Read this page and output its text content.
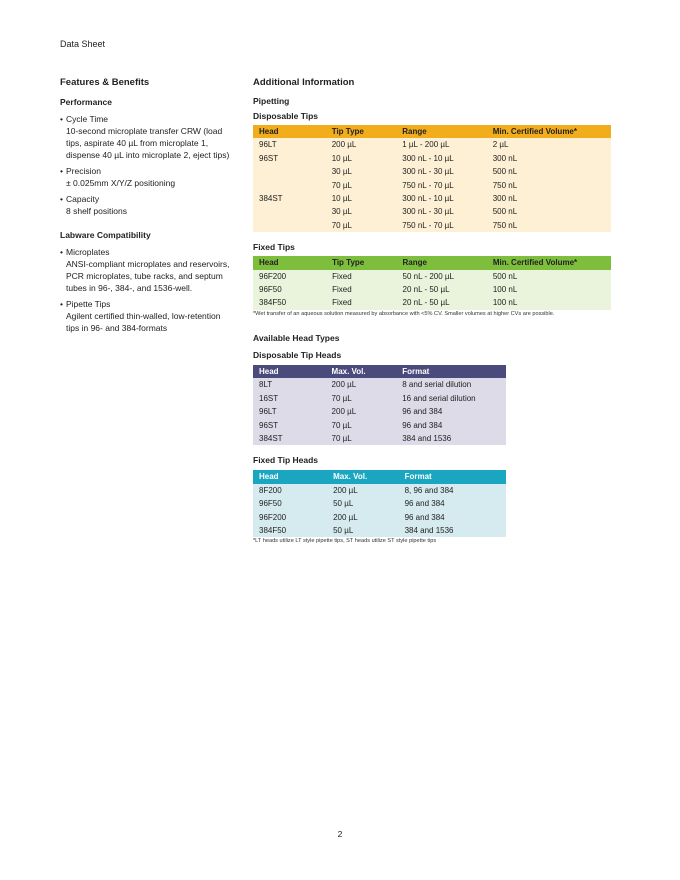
Data Sheet
Features & Benefits
Performance
• Cycle Time
10-second microplate transfer CRW (load
tips, aspirate 40 µL from microplate 1,
dispense 40 µL into microplate 2, eject tips)
• Precision
± 0.025mm X/Y/Z positioning
• Capacity
8 shelf positions
Labware Compatibility
• Microplates
ANSI-compliant microplates and reservoirs,
PCR microplates, tube racks, and septum
tubes in 96-, 384-, and 1536-well.
• Pipette Tips
Agilent certified thin-walled, low-retention
tips in 96- and 384-formats
Additional Information
Pipetting
Disposable Tips
Head	Tip Type	Range	Min. Certified Volume*
96LT	200 µL	1 µL - 200 µL	2 µL
96ST	10 µL	300 nL - 10 µL	300 nL
	30 µL	300 nL - 30 µL	500 nL
	70 µL	750 nL - 70 µL	750 nL
384ST	10 µL	300 nL - 10 µL	300 nL
	30 µL	300 nL - 30 µL	500 nL
	70 µL	750 nL - 70 µL	750 nL
Fixed Tips
Head	Tip Type	Range	Min. Certified Volume*
96F200	Fixed	50 nL - 200 µL	500 nL
96F50	Fixed	20 nL - 50 µL	100 nL
384F50	Fixed	20 nL - 50 µL	100 nL
*Wet transfer of an aqueous solution measured by absorbance with <5% CV. Smaller volumes at higher CVs are possible.
Available Head Types
Disposable Tip Heads
Head	Max. Vol.	Format
8LT	200 µL	8 and serial dilution
16ST	70 µL	16 and serial dilution
96LT	200 µL	96 and 384
96ST	70 µL	96 and 384
384ST	70 µL	384 and 1536
Fixed Tip Heads
Head	Max. Vol.	Format
8F200	200 µL	8, 96 and 384
96F50	50 µL	96 and 384
96F200	200 µL	96 and 384
384F50	50 µL	384 and 1536
*LT heads utilize LT style pipette tips, ST heads utilize ST style pipette tips
2
